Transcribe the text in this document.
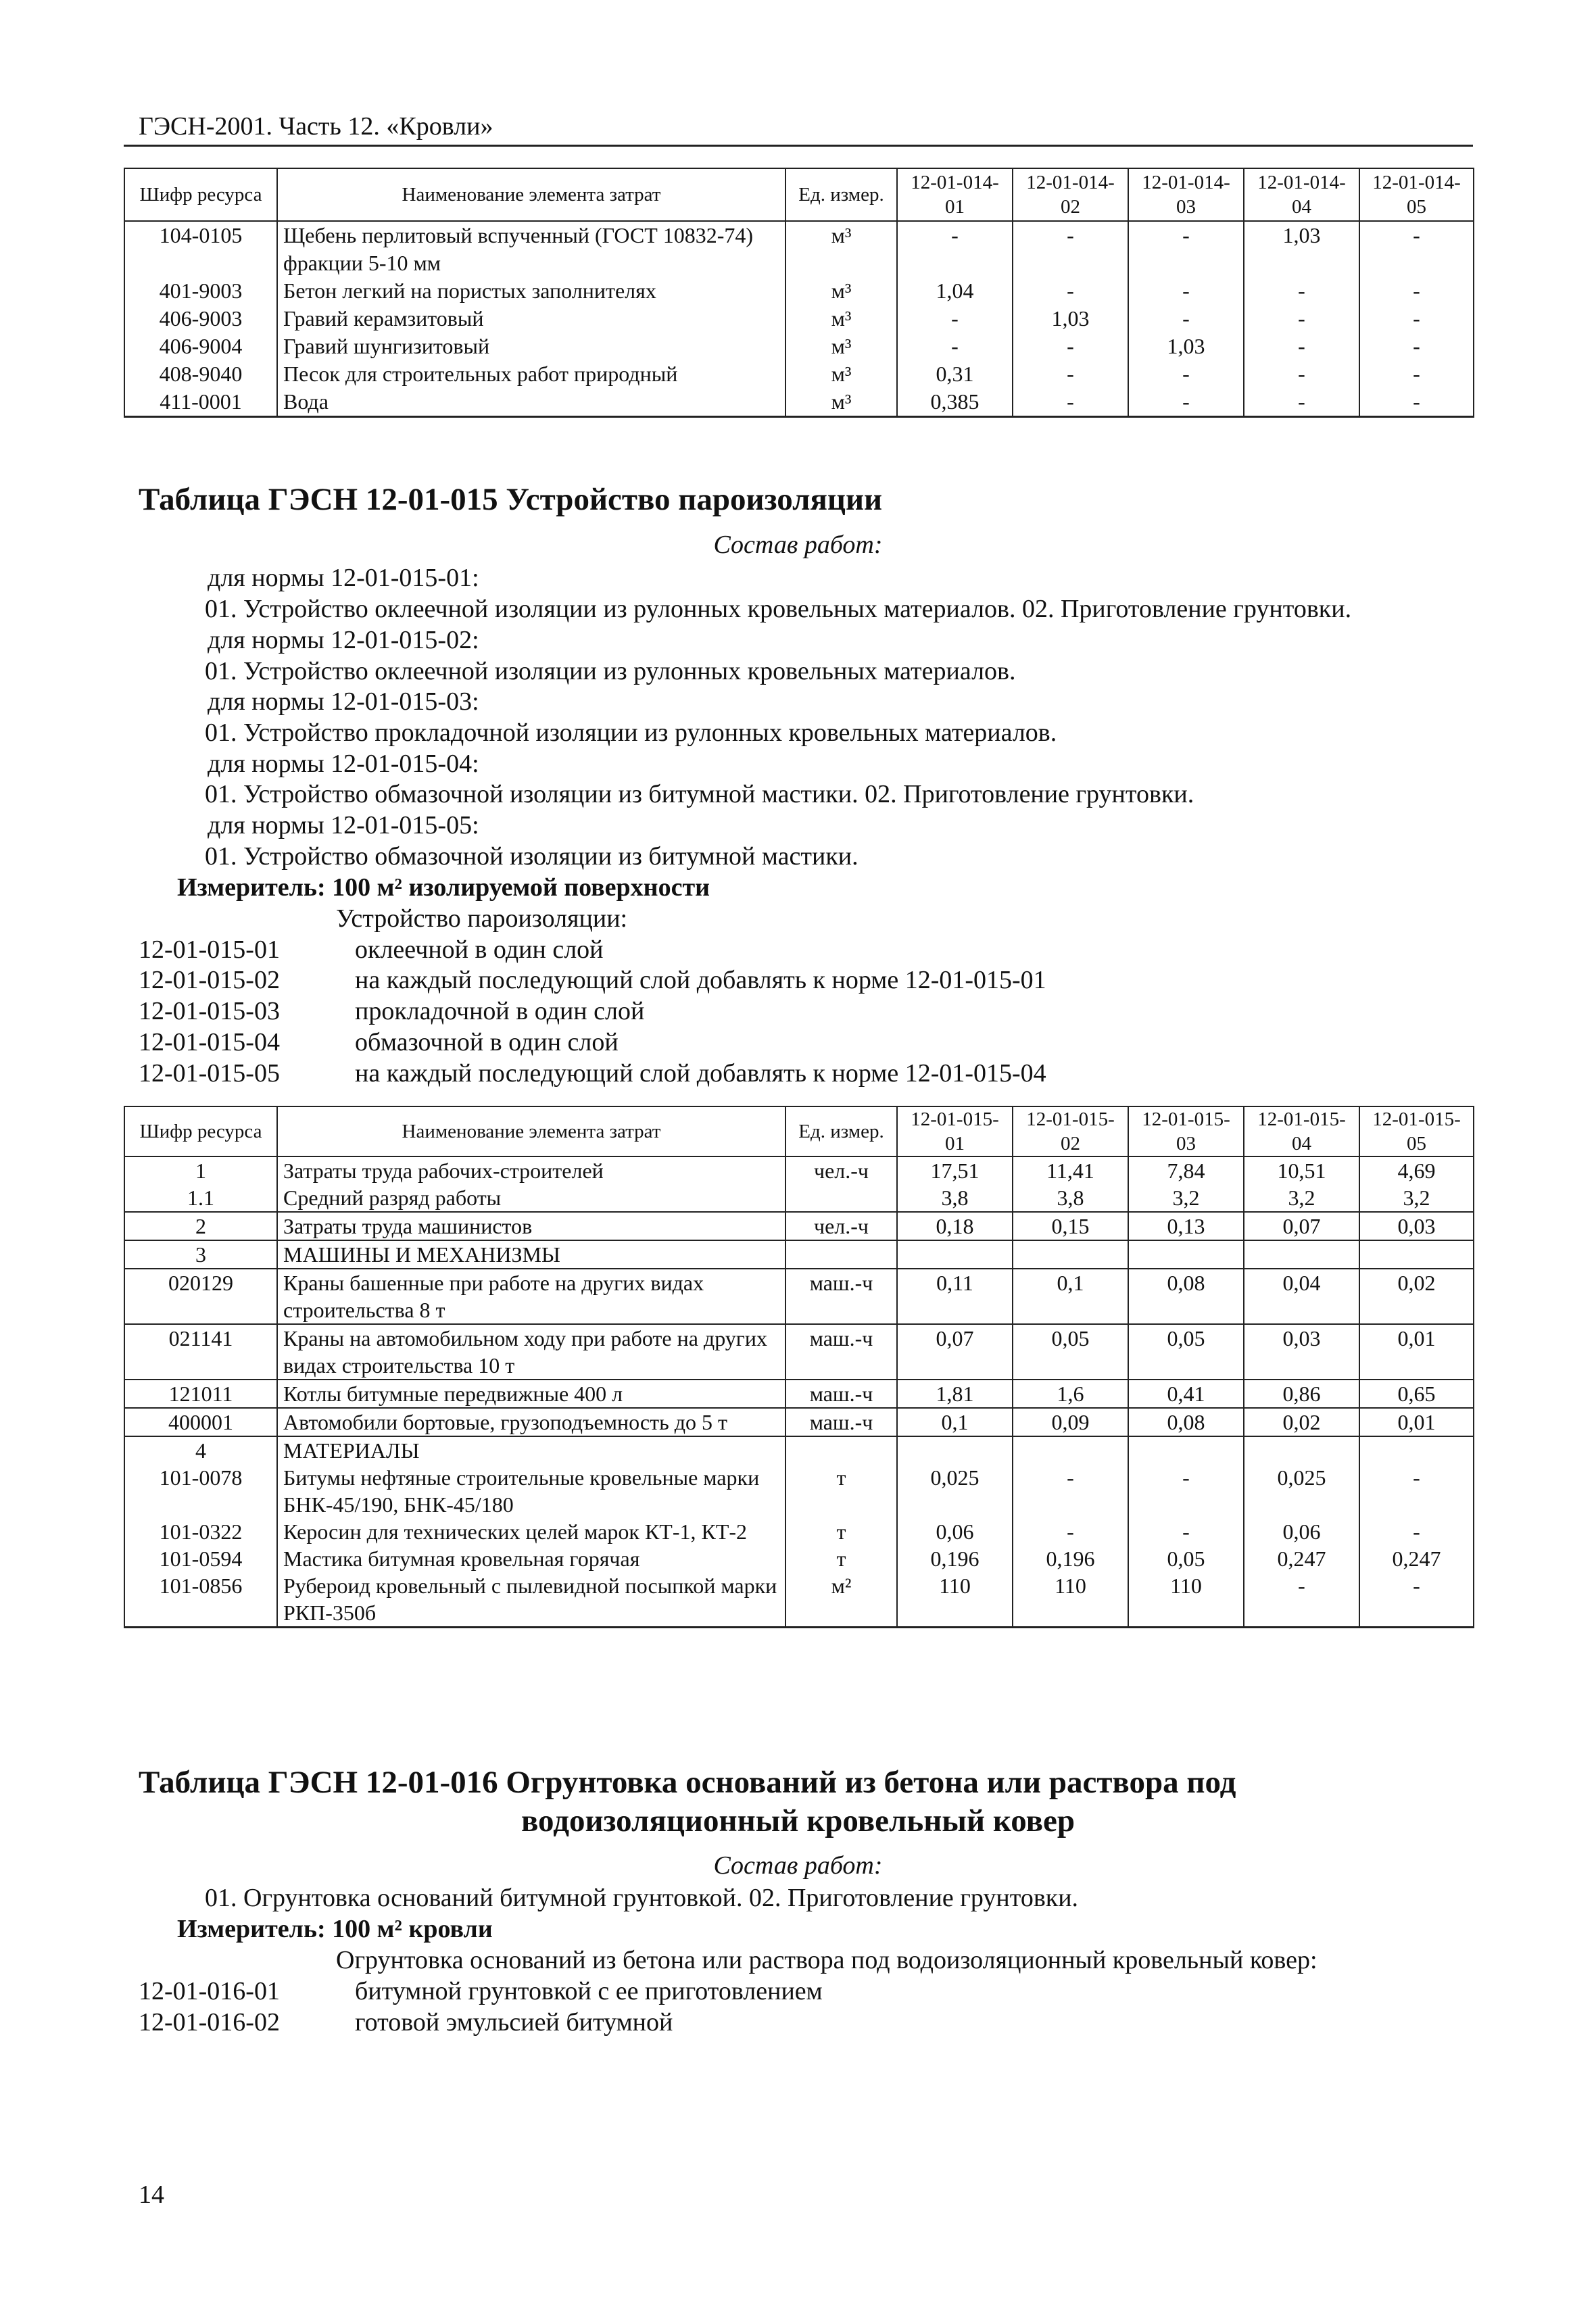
ГЭСН-2001. Часть 12. «Кровли»
Шифр ресурса	Наименование элемента затрат	Ед. измер.	12-01-014-01	12-01-014-02	12-01-014-03	12-01-014-04	12-01-014-05
104-0105	Щебень перлитовый вспученный (ГОСТ 10832-74) фракции 5-10 мм	м³	-	-	-	1,03	-
401-9003	Бетон легкий на пористых заполнителях	м³	1,04	-	-	-	-
406-9003	Гравий керамзитовый	м³	-	1,03	-	-	-
406-9004	Гравий шунгизитовый	м³	-	-	1,03	-	-
408-9040	Песок для строительных работ природный	м³	0,31	-	-	-	-
411-0001	Вода	м³	0,385	-	-	-	-
Таблица ГЭСН 12-01-015 Устройство пароизоляции
Состав работ:
для нормы 12-01-015-01:
01. Устройство оклеечной изоляции из рулонных кровельных материалов. 02. Приготовление грунтовки.
для нормы 12-01-015-02:
01. Устройство оклеечной изоляции из рулонных кровельных материалов.
для нормы 12-01-015-03:
01. Устройство прокладочной изоляции из рулонных кровельных материалов.
для нормы 12-01-015-04:
01. Устройство обмазочной изоляции из битумной мастики. 02. Приготовление грунтовки.
для нормы 12-01-015-05:
01. Устройство обмазочной изоляции из битумной мастики.
Измеритель: 100 м² изолируемой поверхности
Устройство пароизоляции:
12-01-015-01	оклеечной в один слой
12-01-015-02	на каждый последующий слой добавлять к норме 12-01-015-01
12-01-015-03	прокладочной в один слой
12-01-015-04	обмазочной в один слой
12-01-015-05	на каждый последующий слой добавлять к норме 12-01-015-04
Шифр ресурса	Наименование элемента затрат	Ед. измер.	12-01-015-01	12-01-015-02	12-01-015-03	12-01-015-04	12-01-015-05
1	Затраты труда рабочих-строителей	чел.-ч	17,51	11,41	7,84	10,51	4,69
1.1	Средний разряд работы		3,8	3,8	3,2	3,2	3,2
2	Затраты труда машинистов	чел.-ч	0,18	0,15	0,13	0,07	0,03
3	МАШИНЫ И МЕХАНИЗМЫ						
020129	Краны башенные при работе на других видах строительства 8 т	маш.-ч	0,11	0,1	0,08	0,04	0,02
021141	Краны на автомобильном ходу при работе на других видах строительства 10 т	маш.-ч	0,07	0,05	0,05	0,03	0,01
121011	Котлы битумные передвижные 400 л	маш.-ч	1,81	1,6	0,41	0,86	0,65
400001	Автомобили бортовые, грузоподъемность до 5 т	маш.-ч	0,1	0,09	0,08	0,02	0,01
4	МАТЕРИАЛЫ						
101-0078	Битумы нефтяные строительные кровельные марки БНК-45/190, БНК-45/180	т	0,025	-	-	0,025	-
101-0322	Керосин для технических целей марок КТ-1, КТ-2	т	0,06	-	-	0,06	-
101-0594	Мастика битумная кровельная горячая	т	0,196	0,196	0,05	0,247	0,247
101-0856	Рубероид кровельный с пылевидной посыпкой марки РКП-350б	м²	110	110	110	-	-
Таблица ГЭСН 12-01-016 Огрунтовка оснований из бетона или раствора под
водоизоляционный кровельный ковер
Состав работ:
01. Огрунтовка оснований битумной грунтовкой. 02. Приготовление грунтовки.
Измеритель: 100 м² кровли
Огрунтовка оснований из бетона или раствора под водоизоляционный кровельный ковер:
12-01-016-01	битумной грунтовкой с ее приготовлением
12-01-016-02	готовой эмульсией битумной
14
